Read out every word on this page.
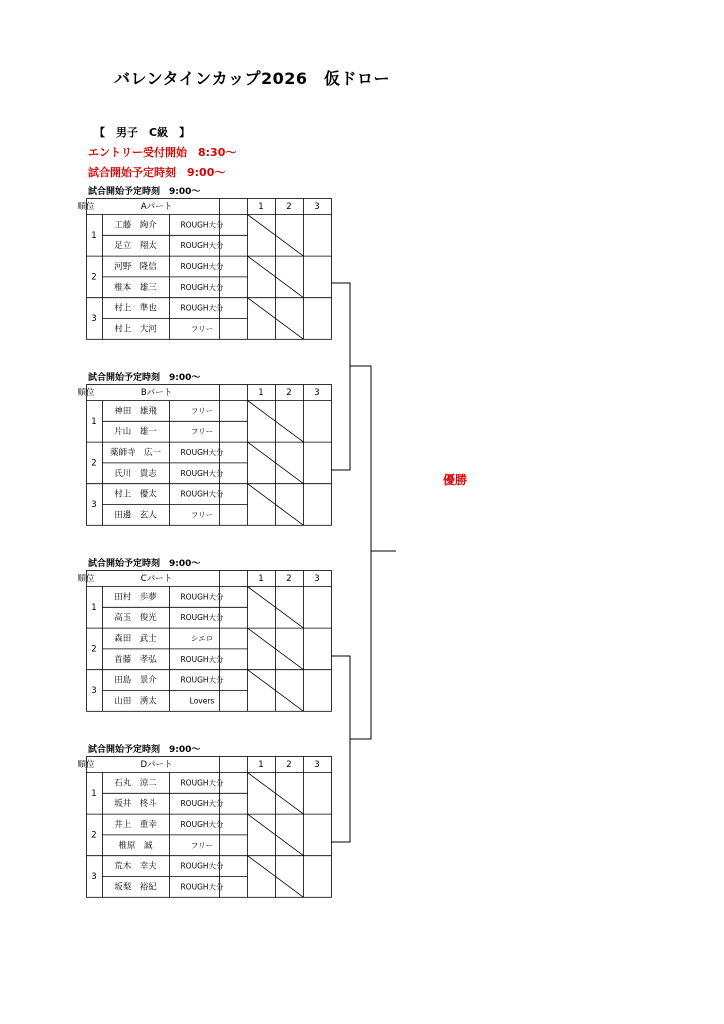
バレンタインカップ2026　仮ドロー
【　男子　C級　】
エントリー受付開始　8:30〜
試合開始予定時刻　9:00〜
優勝
試合開始予定時刻　9:00〜
Aパート	1	2	3
順位
1
工藤　絢介	ROUGH大分
足立　翔太	ROUGH大分
2
河野　隆信	ROUGH大分
椎本　雄三	ROUGH大分
3
村上　準也	ROUGH大分
村上　大河	フリー
試合開始予定時刻　9:00〜
Bパート	1	2	3
順位
1
神田　雄飛	フリー
片山　雄一	フリー
2
薬師寺　広一	ROUGH大分
氏川　貴志	ROUGH大分
3
村上　優太	ROUGH大分
田邊　玄人	フリー
試合開始予定時刻　9:00〜
Cパート	1	2	3
順位
1
田村　歩夢	ROUGH大分
高玉　俊光	ROUGH大分
2
森田　武士	シエロ
首藤　孝弘	ROUGH大分
3
田島　景介	ROUGH大分
山田　湧太	Lovers
試合開始予定時刻　9:00〜
Dパート	1	2	3
順位
1
石丸　涼二	ROUGH大分
坂井　柊斗	ROUGH大分
2
井上　重幸	ROUGH大分
椎原　誠	フリー
3
荒木　幸夫	ROUGH大分
坂梨　裕紀	ROUGH大分
